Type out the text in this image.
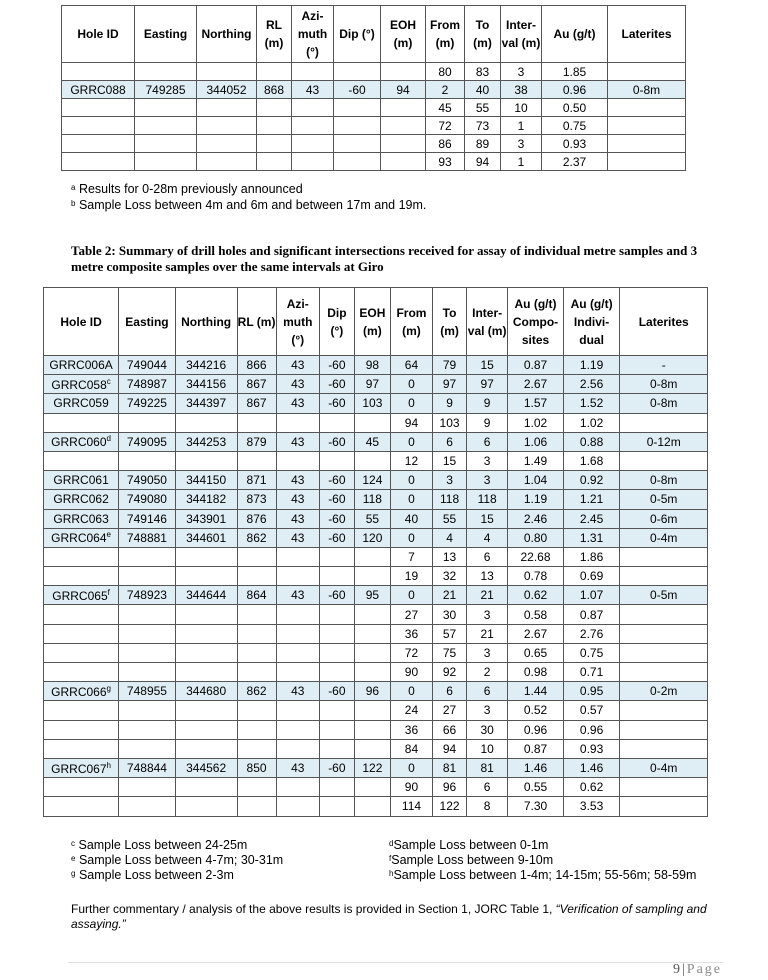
Hole ID	Easting	Northing	RL (m)	Azi-muth (°)	Dip (°)	EOH (m)	From (m)	To (m)	Inter-val (m)	Au (g/t)	Laterites
							80	83	3	1.85	
GRRC088	749285	344052	868	43	-60	94	2	40	38	0.96	0-8m
							45	55	10	0.50	
							72	73	1	0.75	
							86	89	3	0.93	
							93	94	1	2.37	
$^a$ Results for 0-28m previously announced
$^b$ Sample Loss between 4m and 6m and between 17m and 19m.
Table 2: Summary of drill holes and significant intersections received for assay of individual metre samples and 3 metre composite samples over the same intervals at Giro
Hole ID	Easting	Northing	RL (m)	Azi-muth (°)	Dip (°)	EOH (m)	From (m)	To (m)	Inter-val (m)	Au (g/t) Compo-sites	Au (g/t) Indivi-dual	Laterites
GRRC006A	749044	344216	866	43	-60	98	64	79	15	0.87	1.19	-
GRRC058$^c$	748987	344156	867	43	-60	97	0	97	97	2.67	2.56	0-8m
GRRC059	749225	344397	867	43	-60	103	0	9	9	1.57	1.52	0-8m
							94	103	9	1.02	1.02	
GRRC060$^d$	749095	344253	879	43	-60	45	0	6	6	1.06	0.88	0-12m
							12	15	3	1.49	1.68	
GRRC061	749050	344150	871	43	-60	124	0	3	3	1.04	0.92	0-8m
GRRC062	749080	344182	873	43	-60	118	0	118	118	1.19	1.21	0-5m
GRRC063	749146	343901	876	43	-60	55	40	55	15	2.46	2.45	0-6m
GRRC064e	748881	344601	862	43	-60	120	0	4	4	0.80	1.31	0-4m
							7	13	6	22.68	1.86	
							19	32	13	0.78	0.69	
GRRC065$^f$	748923	344644	864	43	-60	95	0	21	21	0.62	1.07	0-5m
							27	30	3	0.58	0.87	
							36	57	21	2.67	2.76	
							72	75	3	0.65	0.75	
							90	92	2	0.98	0.71	
GRRC066$^g$	748955	344680	862	43	-60	96	0	6	6	1.44	0.95	0-2m
							24	27	3	0.52	0.57	
							36	66	30	0.96	0.96	
							84	94	10	0.87	0.93	
GRRC067$^h$	748844	344562	850	43	-60	122	0	81	81	1.46	1.46	0-4m
							90	96	6	0.55	0.62	
							114	122	8	7.30	3.53	
$^c$ Sample Loss between 24-25m
$^e$ Sample Loss between 4-7m; 30-31m
$^g$ Sample Loss between 2-3m
$^d$Sample Loss between 0-1m
$^f$Sample Loss between 9-10m
$^h$Sample Loss between 1-4m; 14-15m; 55-56m; 58-59m
Further commentary / analysis of the above results is provided in Section 1, JORC Table 1, “Verification of sampling and assaying.”
9 | Page
